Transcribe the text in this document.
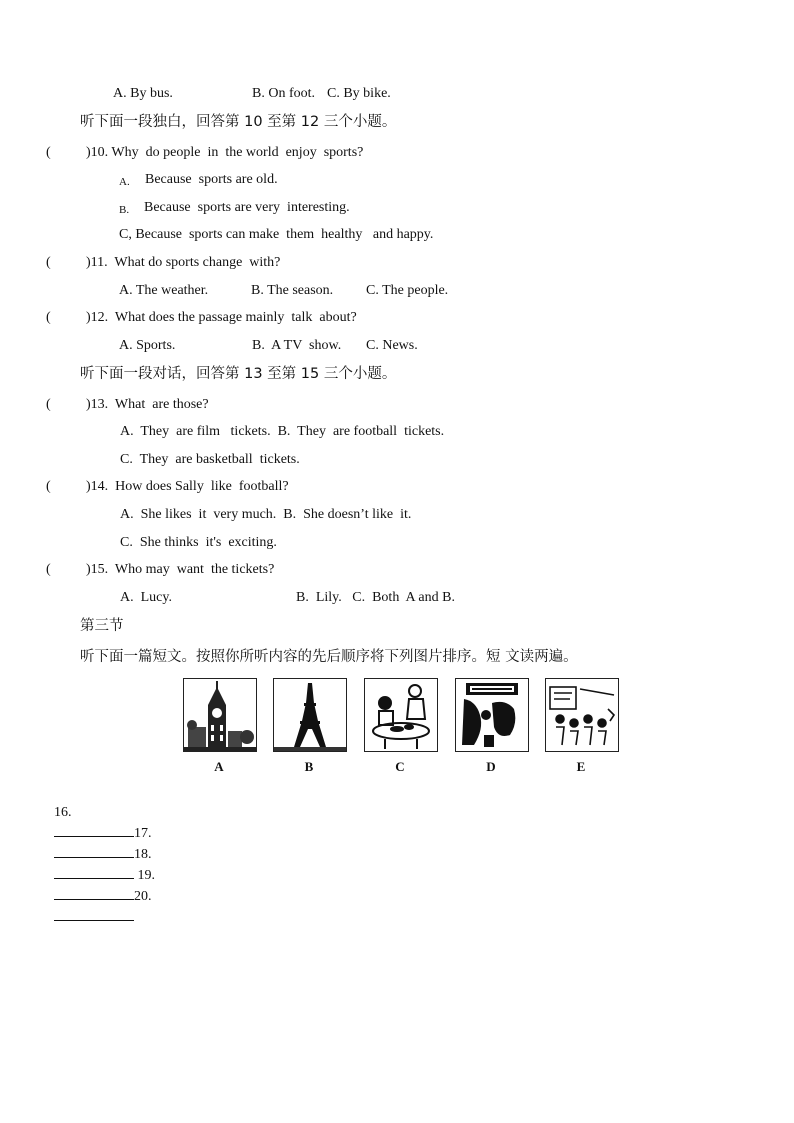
A. By bus.	B. On foot. C. By bike.
听下面一段独白，回答第 10 至第 12 三个小题。
(	)10. Why  do people  in  the world  enjoy  sports?
A. Because  sports are old.
B. Because  sports are very  interesting.
C, Because  sports can make  them  healthy   and happy.
(	)11.  What do sports change  with?
A. The weather.	B. The season. C. The people.
(	)12.  What does the passage mainly  talk  about?
A. Sports.	B.  A TV  show. C. News.
听下面一段对话，回答第 13 至第 15 三个小题。
(	)13.  What  are those?
A.  They  are film   tickets.  B.  They  are football  tickets.
C.  They  are basketball  tickets.
(	)14.  How does Sally  like  football?
A.  She likes  it  very much.  B.  She doesn’t like  it.
C.  She thinks  it's  exciting.
(	)15.  Who may  want  the tickets?
A.  Lucy.	B.  Lily.   C.  Both  A and B.
第三节
听下面一篇短文。按照你所听内容的先后顺序将下列图片排序。短 文读两遍。
A	B	C	D	E

16.
17.
18.
19.
20.
